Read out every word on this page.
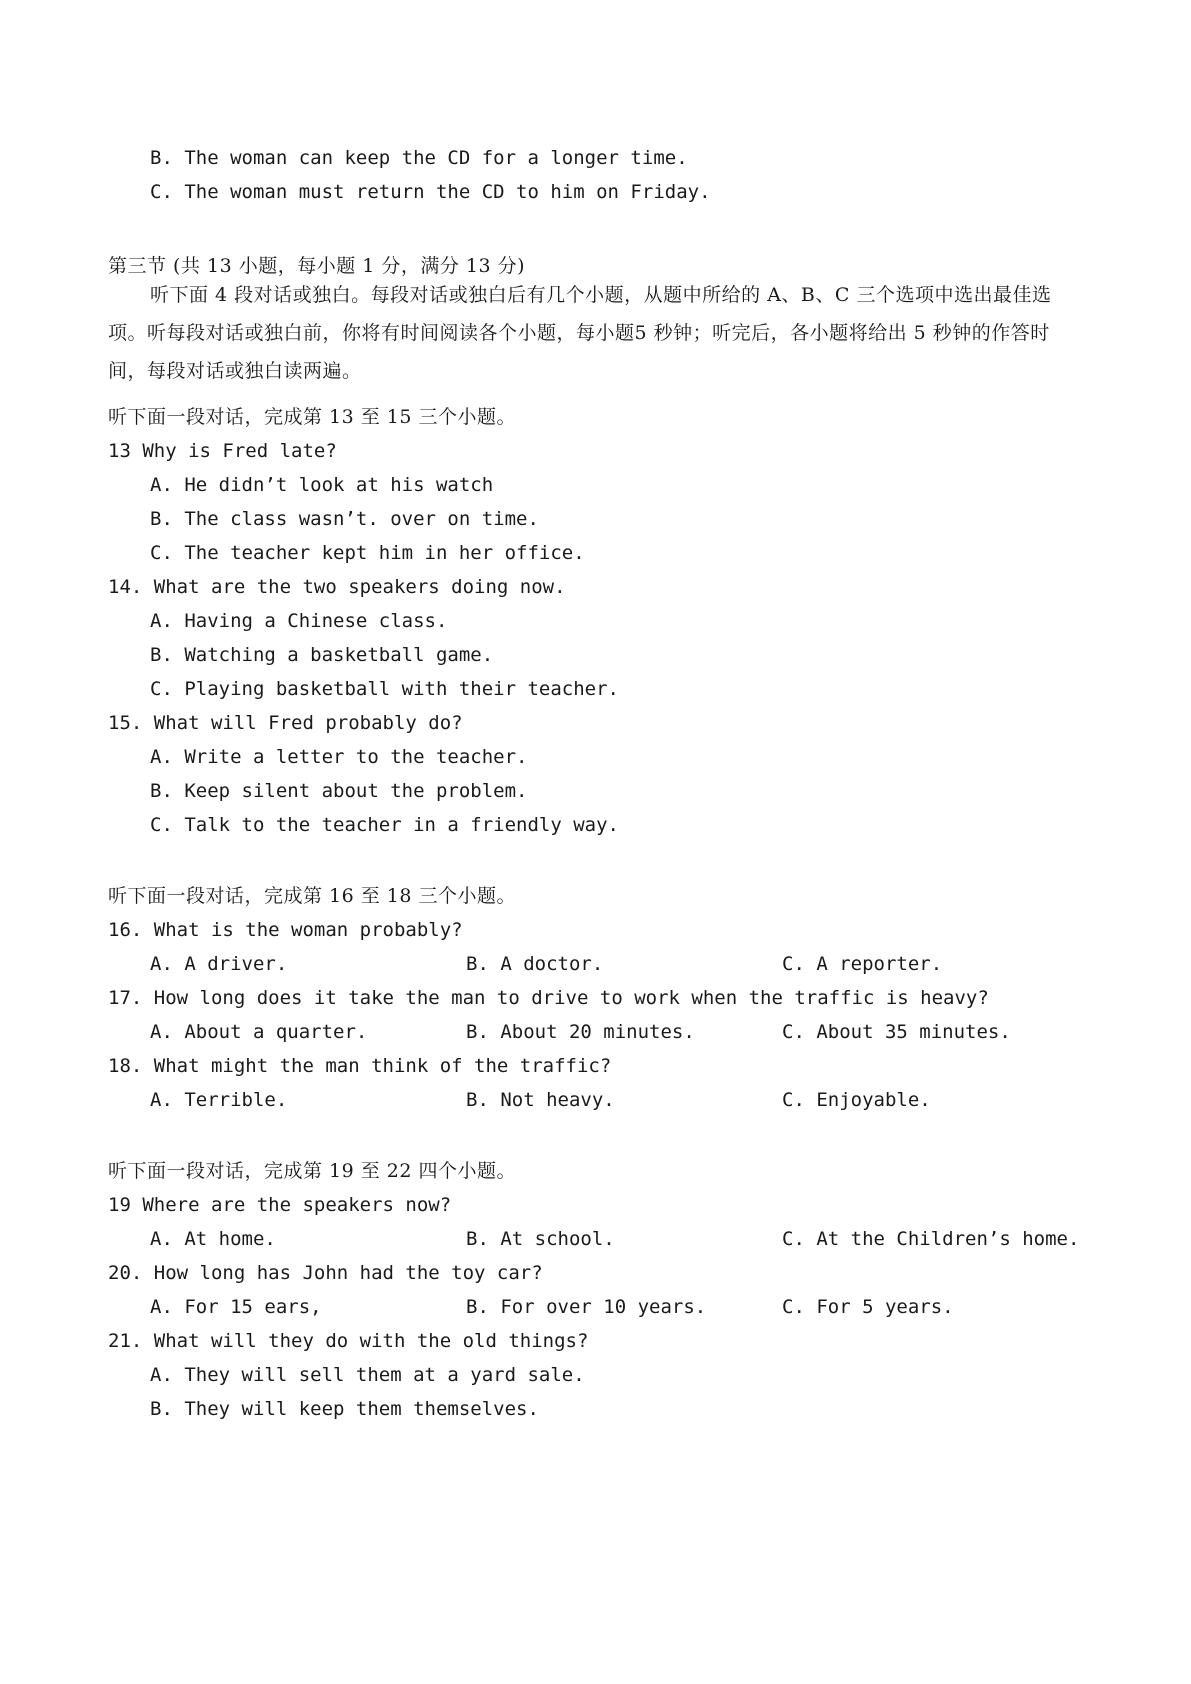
B. The woman can keep the CD for a longer time.
C. The woman must return the CD to him on Friday.
第三节 (共 13 小题，每小题 1 分，满分 13 分)
听下面 4 段对话或独白。每段对话或独白后有几个小题，从题中所给的 A、B、C 三个选项中选出最佳选项。听每段对话或独白前，你将有时间阅读各个小题，每小题5 秒钟；听完后，各小题将给出 5 秒钟的作答时间，每段对话或独白读两遍。
听下面一段对话，完成第 13 至 15 三个小题。
13 Why is Fred late?
A. He didn’t look at his watch
B. The class wasn’t. over on time.
C. The teacher kept him in her office.
14. What are the two speakers doing now.
A. Having a Chinese class.
B. Watching a basketball game.
C. Playing basketball with their teacher.
15. What will Fred probably do?
A. Write a letter to the teacher.
B. Keep silent about the problem.
C. Talk to the teacher in a friendly way.
听下面一段对话，完成第 16 至 18 三个小题。
16. What is the woman probably?
A. A driver.	B. A doctor.	C. A reporter.
17. How long does it take the man to drive to work when the traffic is heavy?
A. About a quarter.	B. About 20 minutes.	C. About 35 minutes.
18. What might the man think of the traffic?
A. Terrible.	B. Not heavy.	C. Enjoyable.
听下面一段对话，完成第 19 至 22 四个小题。
19 Where are the speakers now?
A. At home.	B. At school.	C. At the Children’s home.
20. How long has John had the toy car?
A. For 15 ears,	B. For over 10 years.	C. For 5 years.
21. What will they do with the old things?
A. They will sell them at a yard sale.
B. They will keep them themselves.
